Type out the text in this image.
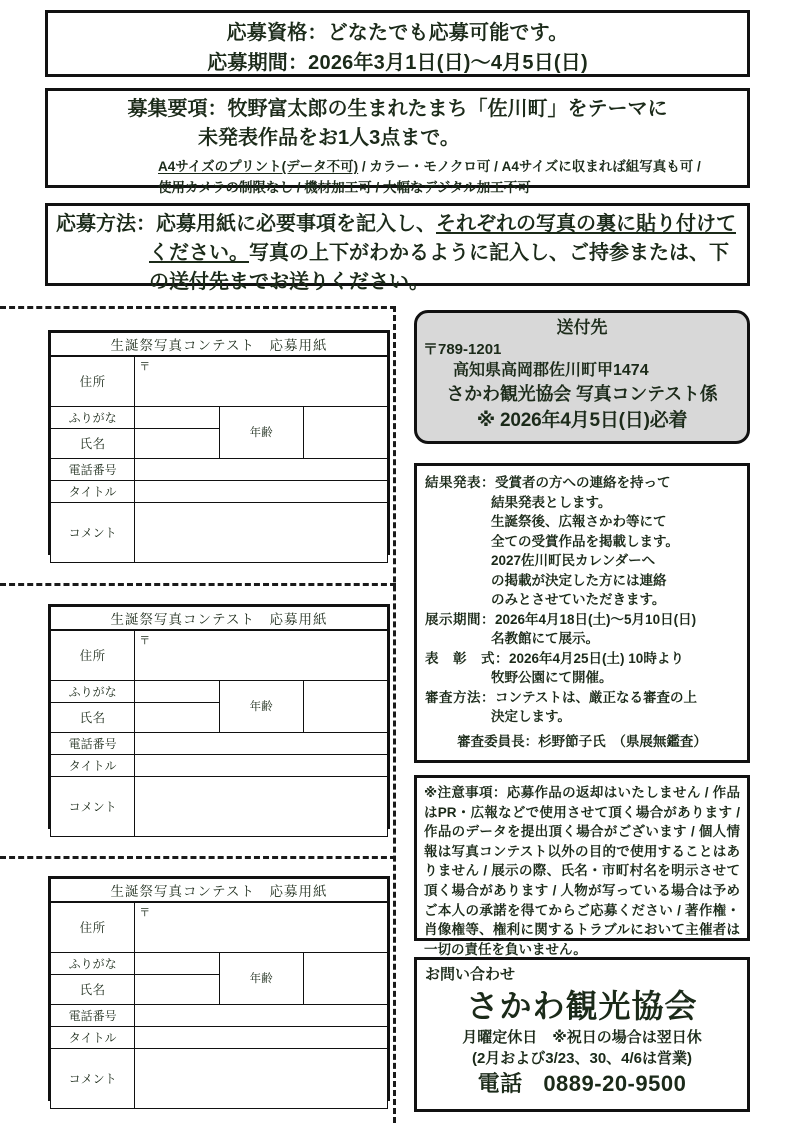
応募資格：どなたでも応募可能です。
応募期間：2026年3月1日(日)〜4月5日(日)
募集要項：牧野富太郎の生まれたまち「佐川町」をテーマに
未発表作品をお1人3点まで。
A4サイズのプリント(データ不可) / カラー・モノクロ可 / A4サイズに収まれば組写真も可 /
使用カメラの制限なし / 機材加工可 / 大幅なデジタル加工不可
応募方法：応募用紙に必要事項を記入し、それぞれの写真の裏に貼り付けて
ください。写真の上下がわかるように記入し、ご持参または、下
の送付先までお送りください。
生誕祭写真コンテスト　応募用紙			
住所	〒		
ふりがな		年齢	
氏名			
電話番号			
タイトル			
コメント			
生誕祭写真コンテスト　応募用紙			
住所	〒		
ふりがな		年齢	
氏名			
電話番号			
タイトル			
コメント			
生誕祭写真コンテスト　応募用紙			
住所	〒		
ふりがな		年齢	
氏名			
電話番号			
タイトル			
コメント			
送付先
〒789-1201
高知県高岡郡佐川町甲1474
さかわ観光協会 写真コンテスト係
※ 2026年4月5日(日)必着
結果発表： 受賞者の方への連絡を持って
結果発表とします。
生誕祭後、広報さかわ等にて
全ての受賞作品を掲載します。
2027佐川町民カレンダーへ
の掲載が決定した方には連絡
のみとさせていただきます。
展示期間： 2026年4月18日(土)〜5月10日(日)
名教館にて展示。
表　彰　式： 2026年4月25日(土) 10時より
牧野公園にて開催。
審査方法： コンテストは、厳正なる審査の上
決定します。
審査委員長：杉野節子氏　（県展無鑑査）
※注意事項：応募作品の返却はいたしません / 作品はPR・広報などで使用させて頂く場合があります / 作品のデータを提出頂く場合がございます / 個人情報は写真コンテスト以外の目的で使用することはありません / 展示の際、氏名・市町村名を明示させて頂く場合があります / 人物が写っている場合は予めご本人の承諾を得てからご応募ください / 著作権・肖像権等、権利に関するトラブルにおいて主催者は一切の責任を負いません。
お問い合わせ
さかわ観光協会
月曜定休日　※祝日の場合は翌日休
(2月および3/23、30、4/6は営業)
電話 0889-20-9500
